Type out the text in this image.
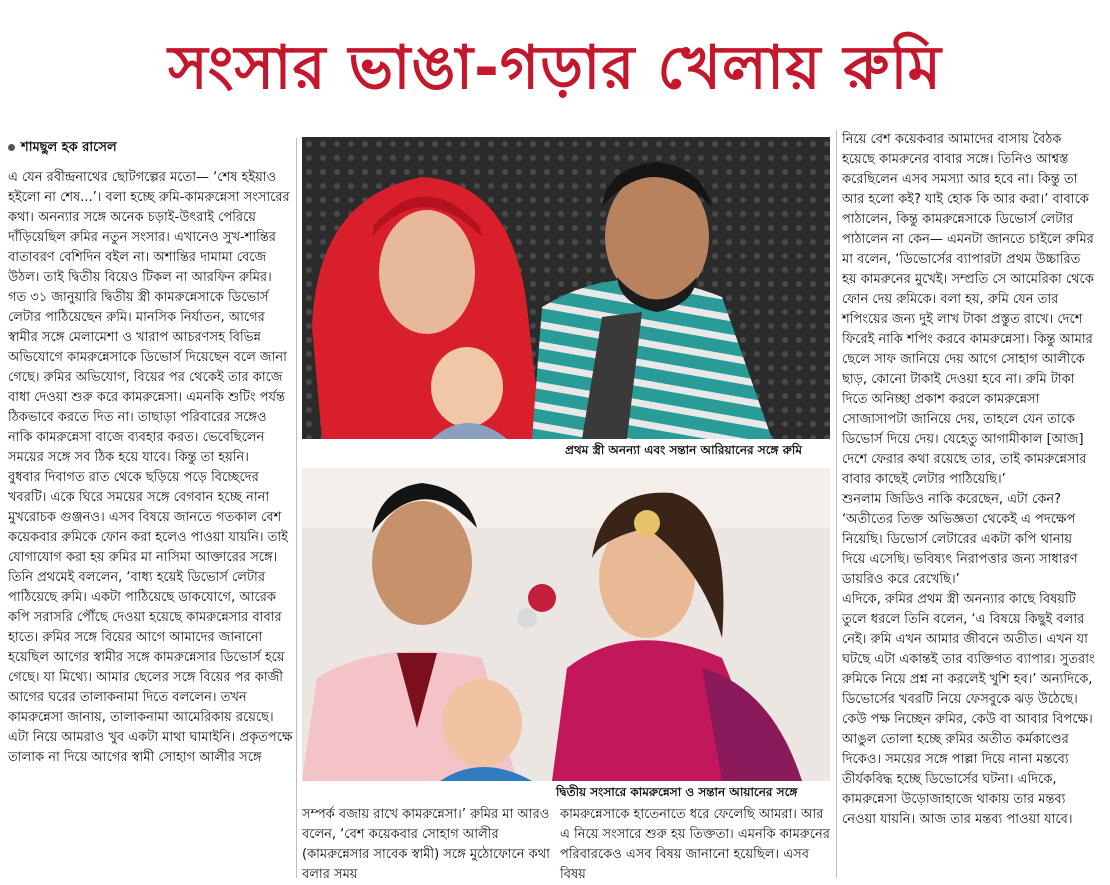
সংসার ভাঙা-গড়ার খেলায় রুমি

শামছুল হক রাসেল

এ যেন রবীন্দ্রনাথের ছোটগল্পের মতো— ‘শেষ হইয়াও হইলো না শেষ...’। বলা হচ্ছে রুমি-কামরুন্নেসা সংসারের কথা। অনন্যার সঙ্গে অনেক চড়াই-উৎরাই পেরিয়ে দাঁড়িয়েছিল রুমির নতুন সংসার। এখানেও সুখ-শান্তির বাতাবরণ বেশিদিন বইল না। অশান্তির দামামা বেজে উঠল। তাই দ্বিতীয় বিয়েও টিকল না আরফিন রুমির। গত ৩১ জানুয়ারি দ্বিতীয় স্ত্রী কামরুন্নেসাকে ডিভোর্স লেটার পাঠিয়েছেন রুমি। মানসিক নির্যাতন, আগের স্বামীর সঙ্গে মেলামেশা ও খারাপ আচরণসহ বিভিন্ন অভিযোগে কামরুন্নেসাকে ডিভোর্স দিয়েছেন বলে জানা গেছে। রুমির অভিযোগ, বিয়ের পর থেকেই তার কাজে বাধা দেওয়া শুরু করে কামরুন্নেসা। এমনকি শুটিং পর্যন্ত ঠিকভাবে করতে দিত না। তাছাড়া পরিবারের সঙ্গেও নাকি কামরুন্নেসা বাজে ব্যবহার করত। ভেবেছিলেন সময়ের সঙ্গে সব ঠিক হয়ে যাবে। কিন্তু তা হয়নি।

বুধবার দিবাগত রাত থেকে ছড়িয়ে পড়ে বিচ্ছেদের খবরটি। একে ঘিরে সময়ের সঙ্গে বেগবান হচ্ছে নানা মুখরোচক গুঞ্জনও। এসব বিষয়ে জানতে গতকাল বেশ কয়েকবার রুমিকে ফোন করা হলেও পাওয়া যায়নি। তাই যোগাযোগ করা হয় রুমির মা নাসিমা আক্তারের সঙ্গে। তিনি প্রথমেই বললেন, ‘বাধ্য হয়েই ডিভোর্স লেটার পাঠিয়েছে রুমি। একটা পাঠিয়েছে ডাকযোগে, আরেক কপি সরাসরি পৌঁছে দেওয়া হয়েছে কামরুন্নেসার বাবার হাতে। রুমির সঙ্গে বিয়ের আগে আমাদের জানানো হয়েছিল আগের স্বামীর সঙ্গে কামরুন্নেসার ডিভোর্স হয়ে গেছে। যা মিথ্যে। আমার ছেলের সঙ্গে বিয়ের পর কাজী আগের ঘরের তালাকনামা দিতে বললেন। তখন কামরুন্নেসা জানায়, তালাকনামা আমেরিকায় রয়েছে। এটা নিয়ে আমরাও খুব একটা মাথা ঘামাইনি। প্রকৃতপক্ষে তালাক না দিয়ে আগের স্বামী সোহাগ আলীর সঙ্গে

প্রথম স্ত্রী অনন্যা এবং সন্তান আরিয়ানের সঙ্গে রুমি
দ্বিতীয় সংসারে কামরুন্নেসা ও সন্তান আয়ানের সঙ্গে

সম্পর্ক বজায় রাখে কামরুন্নেসা।’ রুমির মা আরও বলেন, ‘বেশ কয়েকবার সোহাগ আলীর (কামরুন্নেসার সাবেক স্বামী) সঙ্গে মুঠোফোনে কথা বলার সময়

কামরুন্নেসাকে হাতেনাতে ধরে ফেলেছি আমরা। আর এ নিয়ে সংসারে শুরু হয় তিক্ততা। এমনকি কামরুনের পরিবারকেও এসব বিষয় জানানো হয়েছিল। এসব বিষয়

নিয়ে বেশ কয়েকবার আমাদের বাসায় বৈঠক হয়েছে কামরুনের বাবার সঙ্গে। তিনিও আশ্বস্ত করেছিলেন এসব সমস্যা আর হবে না। কিন্তু তা আর হলো কই? যাই হোক কি আর করা।’ বাবাকে পাঠালেন, কিন্তু কামরুন্নেসাকে ডিভোর্স লেটার পাঠালেন না কেন— এমনটা জানতে চাইলে রুমির মা বলেন, ‘ডিভোর্সের ব্যাপারটা প্রথম উচ্চারিত হয় কামরুনের মুখেই। সম্প্রতি সে আমেরিকা থেকে ফোন দেয় রুমিকে। বলা হয়, রুমি যেন তার শপিংয়ের জন্য দুই লাখ টাকা প্রস্তুত রাখে। দেশে ফিরেই নাকি শপিং করবে কামরুন্নেসা। কিন্তু আমার ছেলে সাফ জানিয়ে দেয় আগে সোহাগ আলীকে ছাড়, কোনো টাকাই দেওয়া হবে না। রুমি টাকা দিতে অনিচ্ছা প্রকাশ করলে কামরুন্নেসা সোজাসাপটা জানিয়ে দেয়, তাহলে যেন তাকে ডিভোর্স দিয়ে দেয়। যেহেতু আগামীকাল [আজ] দেশে ফেরার কথা রয়েছে তার, তাই কামরুন্নেসার বাবার কাছেই লেটার পাঠিয়েছি।’

শুনলাম জিডিও নাকি করেছেন, এটা কেন? ‘অতীতের তিক্ত অভিজ্ঞতা থেকেই এ পদক্ষেপ নিয়েছি। ডিভোর্স লেটারের একটা কপি থানায় দিয়ে এসেছি। ভবিষ্যৎ নিরাপত্তার জন্য সাধারণ ডায়রিও করে রেখেছি।’

এদিকে, রুমির প্রথম স্ত্রী অনন্যার কাছে বিষয়টি তুলে ধরলে তিনি বলেন, ‘এ বিষয়ে কিছুই বলার নেই। রুমি এখন আমার জীবনে অতীত। এখন যা ঘটছে এটা একান্তই তার ব্যক্তিগত ব্যাপার। সুতরাং রুমিকে নিয়ে প্রশ্ন না করলেই খুশি হব।’ অন্যদিকে, ডিভোর্সের খবরটি নিয়ে ফেসবুকে ঝড় উঠেছে। কেউ পক্ষ নিচ্ছেন রুমির, কেউ বা আবার বিপক্ষে। আঙুল তোলা হচ্ছে রুমির অতীত কর্মকাণ্ডের দিকেও। সময়ের সঙ্গে পাল্লা দিয়ে নানা মন্তব্যে তীর্যকবিদ্ধ হচ্ছে ডিভোর্সের ঘটনা। এদিকে, কামরুন্নেসা উড়োজাহাজে থাকায় তার মন্তব্য নেওয়া যায়নি। আজ তার মন্তব্য পাওয়া যাবে।
